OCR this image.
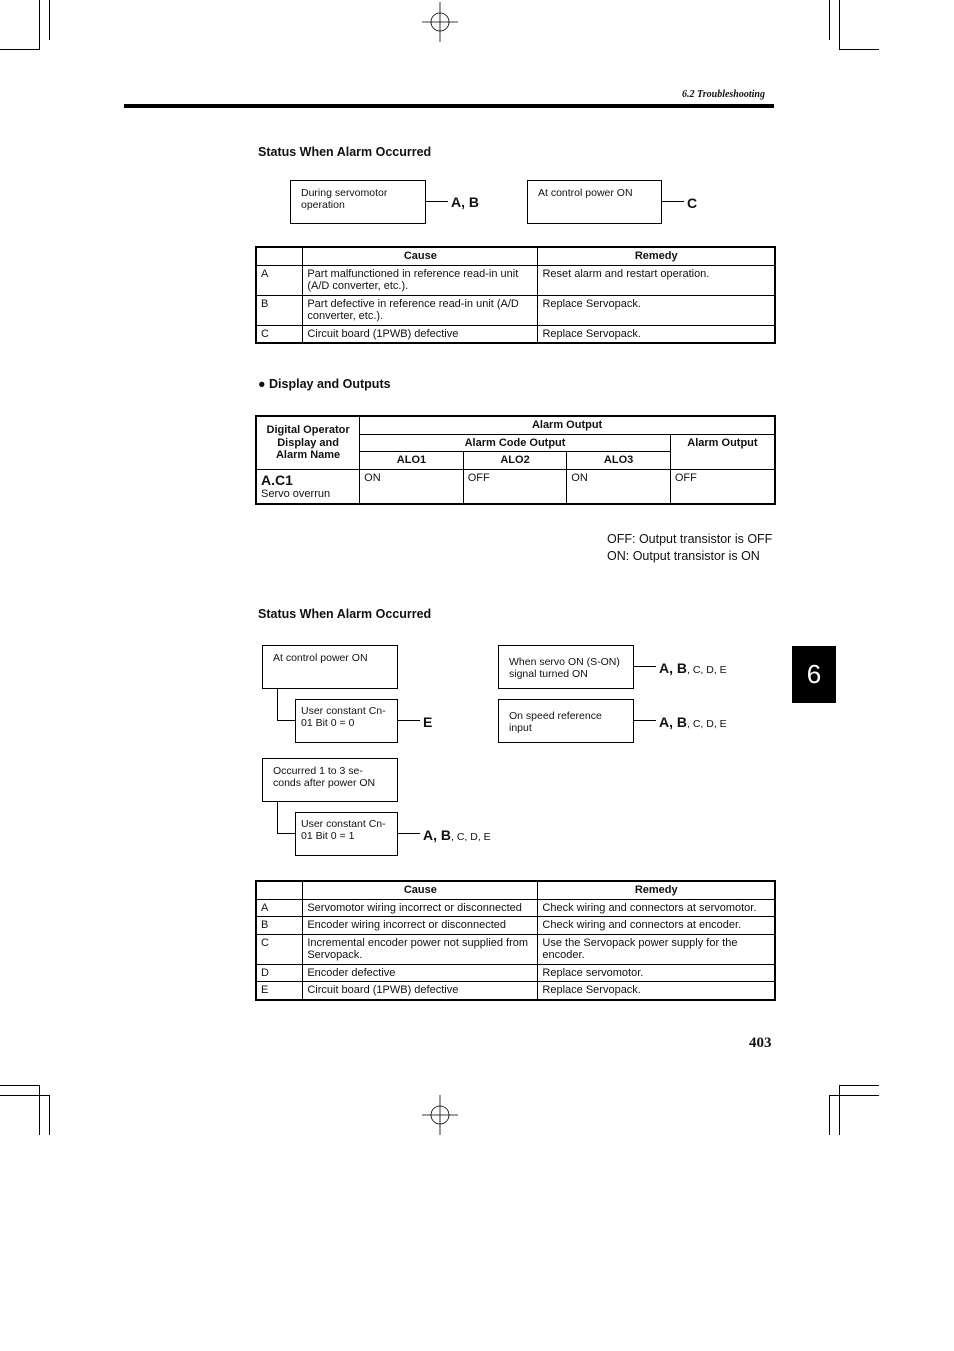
6.2 Troubleshooting
Status When Alarm Occurred
During servomotor operation	A, B
At control power ON
C
	Cause	Remedy
A	Part malfunctioned in reference read-in unit (A/D converter, etc.).	Reset alarm and restart operation.
B	Part defective in reference read-in unit (A/D converter, etc.).	Replace Servopack.
C	Circuit board (1PWB) defective	Replace Servopack.
● Display and Outputs
Digital Operator Display and Alarm Name	Alarm Output			
	Alarm Code Output			Alarm Output
	ALO1	ALO2	ALO3	

A.C1
Servo overrun	ON	OFF	ON	OFF
OFF: Output transistor is OFF
ON: Output transistor is ON
Status When Alarm Occurred
At control power ON
User constant Cn-01 Bit 0 = 0	E
Occurred 1 to 3 se-conds after power ON
User constant Cn-01 Bit 0 = 1	A, B, C, D, E
When servo ON (S-ON) signal turned ON	A, B, C, D, E
On speed reference input	A, B, C, D, E
	Cause	Remedy
A	Servomotor wiring incorrect or disconnected	Check wiring and connectors at servomotor.
B	Encoder wiring incorrect or disconnected	Check wiring and connectors at encoder.
C	Incremental encoder power not supplied from Servopack.	Use the Servopack power supply for the encoder.
D	Encoder defective	Replace servomotor.
E	Circuit board (1PWB) defective	Replace Servopack.
6
403
